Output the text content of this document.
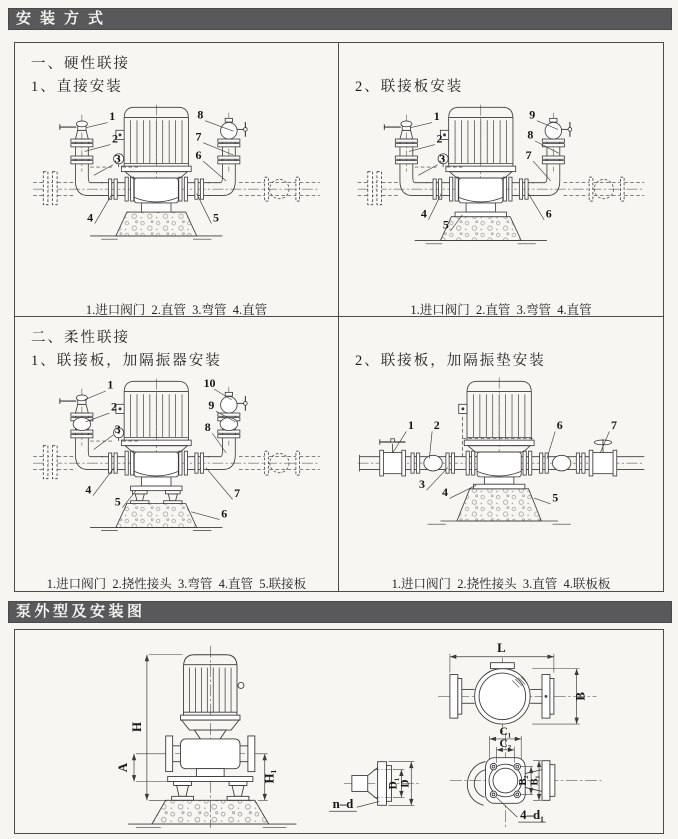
安装方式
一、硬性联接
1、直接安装
1
2
3
4	5
6
7
8

1.进口阀门  2.直管  3.弯管  4.直管

2、联接板安装
1
2
3
4
5
6
7
8
9

1.进口阀门  2.直管  3.弯管  4.直管

二、柔性联接
1、联接板，加隔振器安装
1
2
3
4
5
6
7
8
9
10

1.进口阀门  2.挠性接头  3.弯管  4.直管  5.联接板

2、联接板，加隔振垫安装
1 2
3
4	5
6	7

1.进口阀门  2.挠性接头  3.直管  4.联板板

泵外型及安装图
H
A
H₁
D₁ D
n–d
L
B
C₁
C₂
B₂ B₁
4–d₁
